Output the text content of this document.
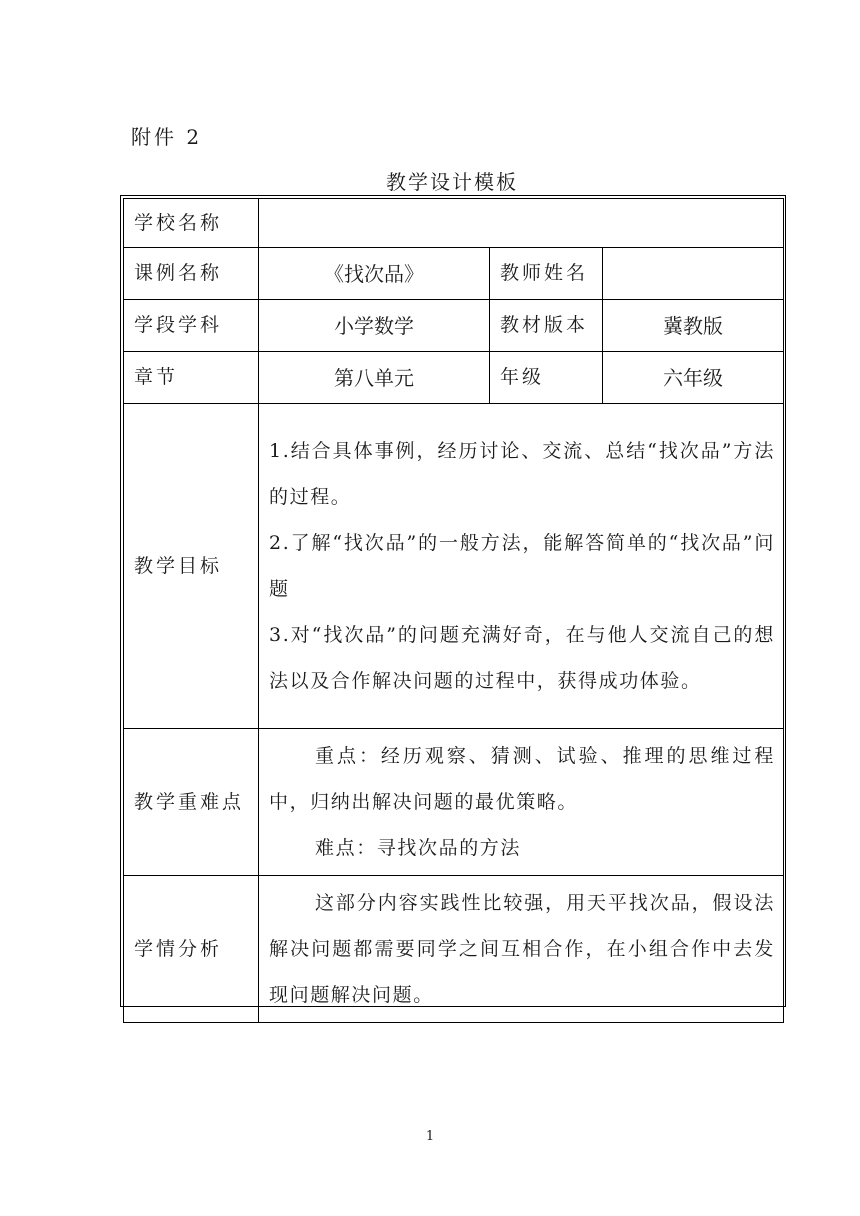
附件 2
教学设计模板
学校名称			
课例名称	《找次品》	教师姓名	
学段学科	小学数学	教材版本	冀教版
章节	第八单元	年级	六年级
教学目标	1.结合具体事例，经历讨论、交流、总结“找次品”方法的过程。
2.了解“找次品”的一般方法，能解答简单的“找次品”问题
3.对“找次品”的问题充满好奇，在与他人交流自己的想法以及合作解决问题的过程中，获得成功体验。		

教学重难点	重点：经历观察、猜测、试验、推理的思维过程中，归纳出解决问题的最优策略。
难点：寻找次品的方法		

学情分析	这部分内容实践性比较强，用天平找次品，假设法解决问题都需要同学之间互相合作，在小组合作中去发现问题解决问题。		
1
